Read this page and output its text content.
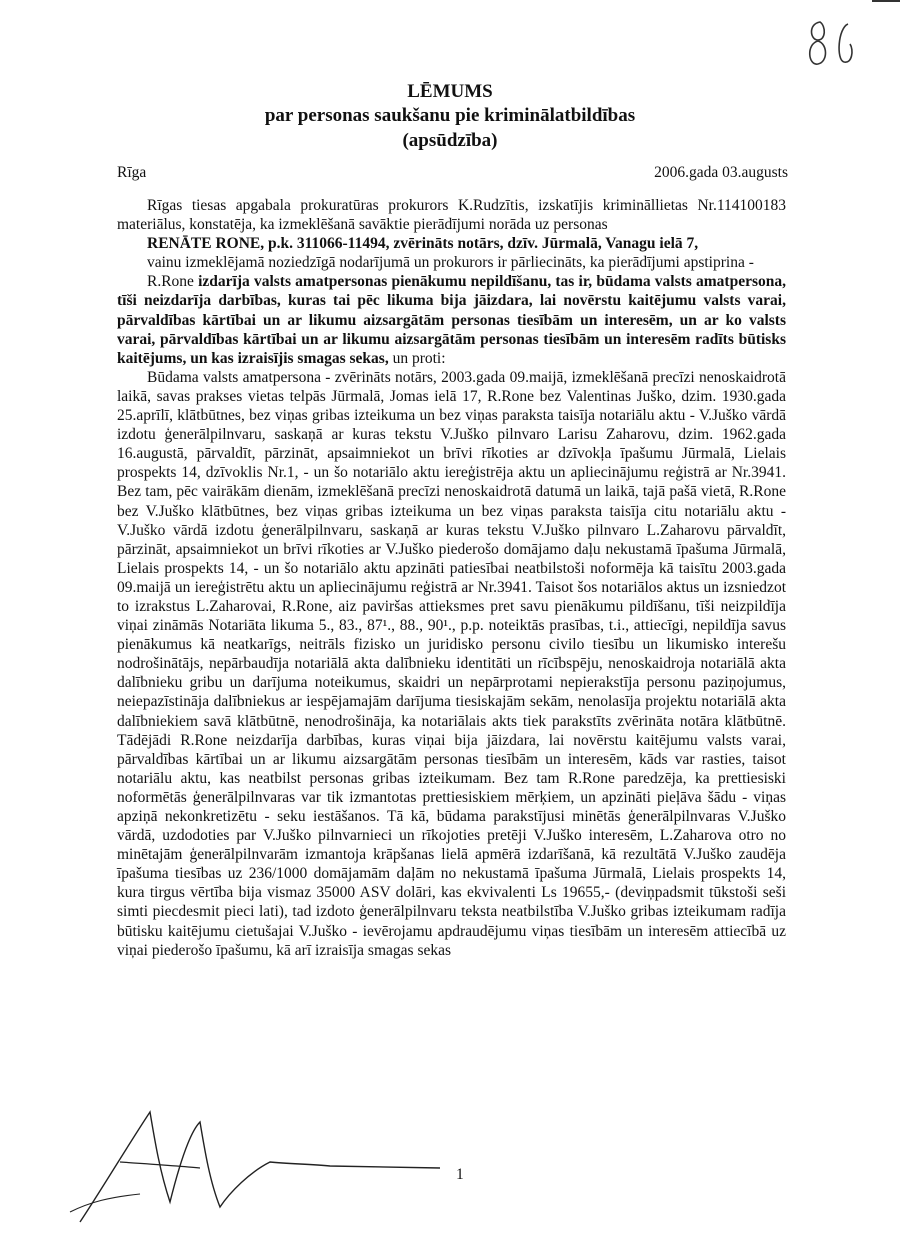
LĒMUMS
par personas saukšanu pie kriminālatbildības
(apsūdzība)
Rīga	2006.gada 03.augusts

Rīgas tiesas apgabala prokuratūras prokurors K.Rudzītis, izskatījis krimināllietas Nr.114100183 materiālus, konstatēja, ka izmeklēšanā savāktie pierādījumi norāda uz personas

RENĀTE RONE, p.k. 311066-11494, zvērināts notārs, dzīv. Jūrmalā, Vanagu ielā 7,

vainu izmeklējamā noziedzīgā nodarījumā un prokurors ir pārliecināts, ka pierādījumi apstiprina -

R.Rone izdarīja valsts amatpersonas pienākumu nepildīšanu, tas ir, būdama valsts amatpersona, tīši neizdarīja darbības, kuras tai pēc likuma bija jāizdara, lai novērstu kaitējumu valsts varai, pārvaldības kārtībai un ar likumu aizsargātām personas tiesībām un interesēm, un ar ko valsts varai, pārvaldības kārtībai un ar likumu aizsargātām personas tiesībām un interesēm radīts būtisks kaitējums, un kas izraisījis smagas sekas, un proti:

Būdama valsts amatpersona - zvērināts notārs, 2003.gada 09.maijā, izmeklēšanā precīzi nenoskaidrotā laikā, savas prakses vietas telpās Jūrmalā, Jomas ielā 17, R.Rone bez Valentinas Juško, dzim. 1930.gada 25.aprīlī, klātbūtnes, bez viņas gribas izteikuma un bez viņas paraksta taisīja notariālu aktu - V.Juško vārdā izdotu ģenerālpilnvaru, saskaņā ar kuras tekstu V.Juško pilnvaro Larisu Zaharovu, dzim. 1962.gada 16.augustā, pārvaldīt, pārzināt, apsaimniekot un brīvi rīkoties ar dzīvokļa īpašumu Jūrmalā, Lielais prospekts 14, dzīvoklis Nr.1, - un šo notariālo aktu iereģistrēja aktu un apliecinājumu reģistrā ar Nr.3941. Bez tam, pēc vairākām dienām, izmeklēšanā precīzi nenoskaidrotā datumā un laikā, tajā pašā vietā, R.Rone bez V.Juško klātbūtnes, bez viņas gribas izteikuma un bez viņas paraksta taisīja citu notariālu aktu - V.Juško vārdā izdotu ģenerālpilnvaru, saskaņā ar kuras tekstu V.Juško pilnvaro L.Zaharovu pārvaldīt, pārzināt, apsaimniekot un brīvi rīkoties ar V.Juško piederošo domājamo daļu nekustamā īpašuma Jūrmalā, Lielais prospekts 14, - un šo notariālo aktu apzināti patiesībai neatbilstoši noformēja kā taisītu 2003.gada 09.maijā un iereģistrētu aktu un apliecinājumu reģistrā ar Nr.3941. Taisot šos notariālos aktus un izsniedzot to izrakstus L.Zaharovai, R.Rone, aiz paviršas attieksmes pret savu pienākumu pildīšanu, tīši neizpildīja viņai zināmās Notariāta likuma 5., 83., 87¹., 88., 90¹., p.p. noteiktās prasības, t.i., attiecīgi, nepildīja savus pienākumus kā neatkarīgs, neitrāls fizisko un juridisko personu civilo tiesību un likumisko interešu nodrošinātājs, nepārbaudīja notariālā akta dalībnieku identitāti un rīcībspēju, nenoskaidroja notariālā akta dalībnieku gribu un darījuma noteikumus, skaidri un nepārprotami nepierakstīja personu paziņojumus, neiepazīstināja dalībniekus ar iespējamajām darījuma tiesiskajām sekām, nenolasīja projektu notariālā akta dalībniekiem savā klātbūtnē, nenodrošināja, ka notariālais akts tiek parakstīts zvērināta notāra klātbūtnē. Tādējādi R.Rone neizdarīja darbības, kuras viņai bija jāizdara, lai novērstu kaitējumu valsts varai, pārvaldības kārtībai un ar likumu aizsargātām personas tiesībām un interesēm, kāds var rasties, taisot notariālu aktu, kas neatbilst personas gribas izteikumam. Bez tam R.Rone paredzēja, ka prettiesiski noformētās ģenerālpilnvaras var tik izmantotas prettiesiskiem mērķiem, un apzināti pieļāva šādu - viņas apziņā nekonkretizētu - seku iestāšanos. Tā kā, būdama parakstījusi minētās ģenerālpilnvaras V.Juško vārdā, uzdodoties par V.Juško pilnvarnieci un rīkojoties pretēji V.Juško interesēm, L.Zaharova otro no minētajām ģenerālpilnvarām izmantoja krāpšanas lielā apmērā izdarīšanā, kā rezultātā V.Juško zaudēja īpašuma tiesības uz 236/1000 domājamām daļām no nekustamā īpašuma Jūrmalā, Lielais prospekts 14, kura tirgus vērtība bija vismaz 35000 ASV dolāri, kas ekvivalenti Ls 19655,- (deviņpadsmit tūkstoši seši simti piecdesmit pieci lati), tad izdoto ģenerālpilnvaru teksta neatbilstība V.Juško gribas izteikumam radīja būtisku kaitējumu cietušajai V.Juško - ievērojamu apdraudējumu viņas tiesībām un interesēm attiecībā uz viņai piederošo īpašumu, kā arī izraisīja smagas sekas

1
